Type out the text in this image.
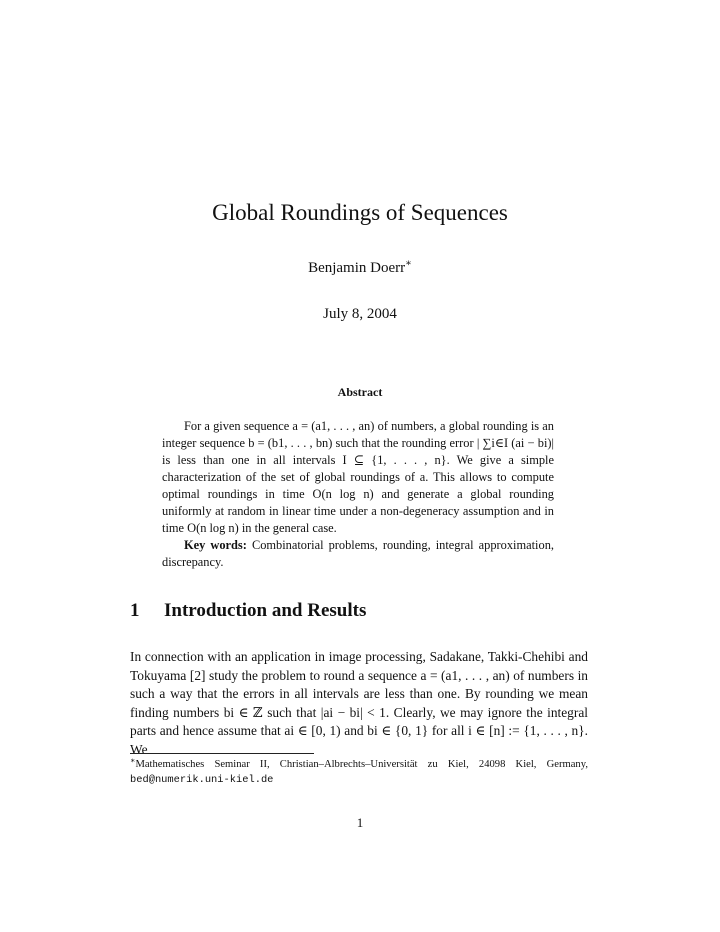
Global Roundings of Sequences
Benjamin Doerr∗
July 8, 2004
Abstract

For a given sequence a = (a1, . . . , an) of numbers, a global rounding is an integer sequence b = (b1, . . . , bn) such that the rounding error | ∑i∈I (ai − bi)| is less than one in all intervals I ⊆ {1, . . . , n}. We give a simple characterization of the set of global roundings of a. This allows to compute optimal roundings in time O(n log n) and generate a global rounding uniformly at random in linear time under a non-degeneracy assumption and in time O(n log n) in the general case.

Key words: Combinatorial problems, rounding, integral approximation, discrepancy.

1 Introduction and Results

In connection with an application in image processing, Sadakane, Takki-Chehibi and Tokuyama [2] study the problem to round a sequence a = (a1, . . . , an) of numbers in such a way that the errors in all intervals are less than one. By rounding we mean finding numbers bi ∈ ℤ such that |ai − bi| < 1. Clearly, we may ignore the integral parts and hence assume that ai ∈ [0, 1) and bi ∈ {0, 1} for all i ∈ [n] := {1, . . . , n}. We

∗Mathematisches Seminar II, Christian–Albrechts–Universität zu Kiel, 24098 Kiel, Germany, bed@numerik.uni-kiel.de
1
